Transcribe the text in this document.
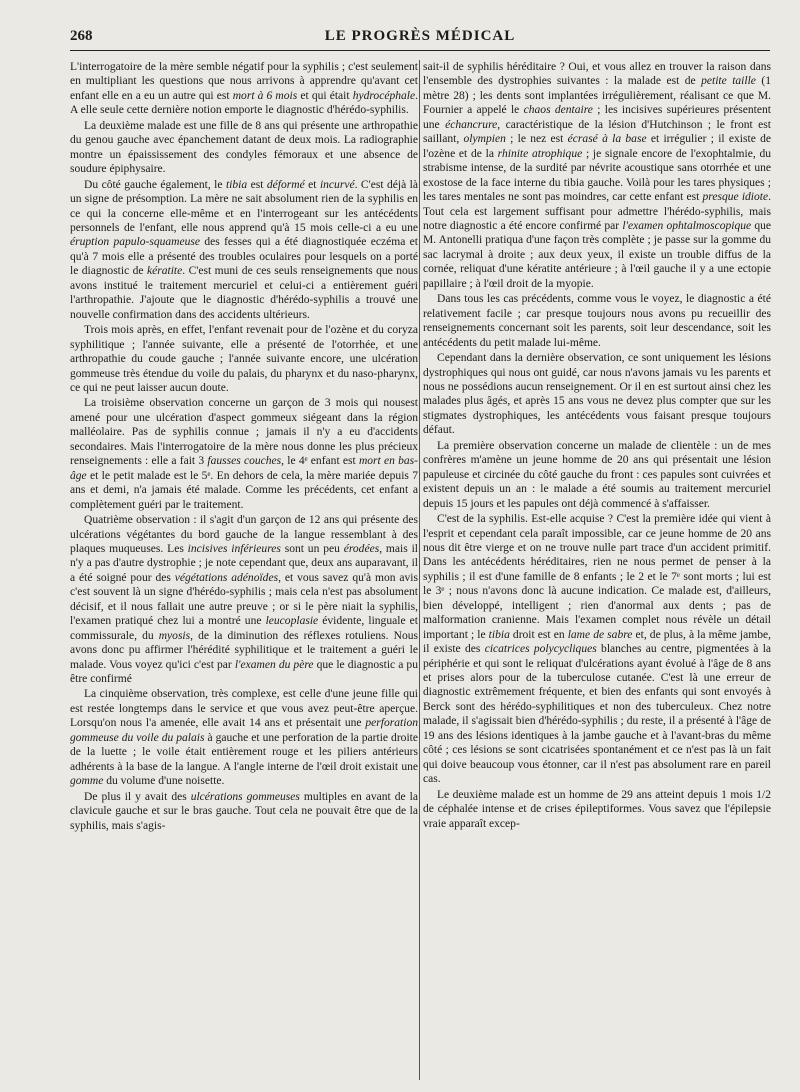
268	LE PROGRÈS MÉDICAL

L'interrogatoire de la mère semble négatif pour la syphilis ; c'est seulement en multipliant les questions que nous arrivons à apprendre qu'avant cet enfant elle en a eu un autre qui est mort à 6 mois et qui était hydrocéphale. A elle seule cette dernière notion emporte le diagnostic d'hérédo-syphilis.

La deuxième malade est une fille de 8 ans qui présente une arthropathie du genou gauche avec épanchement datant de deux mois. La radiographie montre un épaississement des condyles fémoraux et une absence de soudure épiphysaire.

Du côté gauche également, le tibia est déformé et incurvé. C'est déjà là un signe de présomption. La mère ne sait absolument rien de la syphilis en ce qui la concerne elle-même et en l'interrogeant sur les antécédents personnels de l'enfant, elle nous apprend qu'à 15 mois celle-ci a eu une éruption papulo-squameuse des fesses qui a été diagnostiquée eczéma et qu'à 7 mois elle a présenté des troubles oculaires pour lesquels on a porté le diagnostic de kératite. C'est muni de ces seuls renseignements que nous avons institué le traitement mercuriel et celui-ci a entièrement guéri l'arthropathie. J'ajoute que le diagnostic d'hérédo-syphilis a trouvé une nouvelle confirmation dans des accidents ultérieurs.

Trois mois après, en effet, l'enfant revenait pour de l'ozène et du coryza syphilitique ; l'année suivante, elle a présenté de l'otorrhée, et une arthropathie du coude gauche ; l'année suivante encore, une ulcération gommeuse très étendue du voile du palais, du pharynx et du naso-pharynx, ce qui ne peut laisser aucun doute.

La troisième observation concerne un garçon de 3 mois qui nousest amené pour une ulcération d'aspect gommeux siégeant dans la région malléolaire. Pas de syphilis connue ; jamais il n'y a eu d'accidents secondaires. Mais l'interrogatoire de la mère nous donne les plus précieux renseignements : elle a fait 3 fausses couches, le 4ᵉ enfant est mort en bas-âge et le petit malade est le 5ᵉ. En dehors de cela, la mère mariée depuis 7 ans et demi, n'a jamais été malade. Comme les précédents, cet enfant a complètement guéri par le traitement.

Quatrième observation : il s'agit d'un garçon de 12 ans qui présente des ulcérations végétantes du bord gauche de la langue ressemblant à des plaques muqueuses. Les incisives inférieures sont un peu érodées, mais il n'y a pas d'autre dystrophie ; je note cependant que, deux ans auparavant, il a été soigné pour des végétations adénoïdes, et vous savez qu'à mon avis c'est souvent là un signe d'hérédo-syphilis ; mais cela n'est pas absolument décisif, et il nous fallait une autre preuve ; or si le père niait la syphilis, l'examen pratiqué chez lui a montré une leucoplasie évidente, linguale et commissurale, du myosis, de la diminution des réflexes rotuliens. Nous avons donc pu affirmer l'hérédité syphilitique et le traitement a guéri le malade. Vous voyez qu'ici c'est par l'examen du père que le diagnostic a pu être confirmé

La cinquième observation, très complexe, est celle d'une jeune fille qui est restée longtemps dans le service et que vous avez peut-être aperçue. Lorsqu'on nous l'a amenée, elle avait 14 ans et présentait une perforation gommeuse du voile du palais à gauche et une perforation de la partie droite de la luette ; le voile était entièrement rouge et les piliers antérieurs adhérents à la base de la langue. A l'angle interne de l'œil droit existait une gomme du volume d'une noisette.

De plus il y avait des ulcérations gommeuses multiples en avant de la clavicule gauche et sur le bras gauche. Tout cela ne pouvait être que de la syphilis, mais s'agis-

sait-il de syphilis héréditaire ? Oui, et vous allez en trouver la raison dans l'ensemble des dystrophies suivantes : la malade est de petite taille (1 mètre 28) ; les dents sont implantées irrégulièrement, réalisant ce que M. Fournier a appelé le chaos dentaire ; les incisives supérieures présentent une échancrure, caractéristique de la lésion d'Hutchinson ; le front est saillant, olympien ; le nez est écrasé à la base et irrégulier ; il existe de l'ozène et de la rhinite atrophique ; je signale encore de l'exophtalmie, du strabisme intense, de la surdité par névrite acoustique sans otorrhée et une exostose de la face interne du tibia gauche. Voilà pour les tares physiques ; les tares mentales ne sont pas moindres, car cette enfant est presque idiote. Tout cela est largement suffisant pour admettre l'hérédo-syphilis, mais notre diagnostic a été encore confirmé par l'examen ophtalmoscopique que M. Antonelli pratiqua d'une façon très complète ; je passe sur la gomme du sac lacrymal à droite ; aux deux yeux, il existe un trouble diffus de la cornée, reliquat d'une kératite antérieure ; à l'œil gauche il y a une ectopie papillaire ; à l'œil droit de la myopie.

Dans tous les cas précédents, comme vous le voyez, le diagnostic a été relativement facile ; car presque toujours nous avons pu recueillir des renseignements concernant soit les parents, soit leur descendance, soit les antécédents du petit malade lui-même.

Cependant dans la dernière observation, ce sont uniquement les lésions dystrophiques qui nous ont guidé, car nous n'avons jamais vu les parents et nous ne possédions aucun renseignement. Or il en est surtout ainsi chez les malades plus âgés, et après 15 ans vous ne devez plus compter que sur les stigmates dystrophiques, les antécédents vous faisant presque toujours défaut.

La première observation concerne un malade de clientèle : un de mes confrères m'amène un jeune homme de 20 ans qui présentait une lésion papuleuse et circinée du côté gauche du front : ces papules sont cuivrées et existent depuis un an : le malade a été soumis au traitement mercuriel depuis 15 jours et les papules ont déjà commencé à s'affaisser.

C'est de la syphilis. Est-elle acquise ? C'est la première idée qui vient à l'esprit et cependant cela paraît impossible, car ce jeune homme de 20 ans nous dit être vierge et on ne trouve nulle part trace d'un accident primitif. Dans les antécédents héréditaires, rien ne nous permet de penser à la syphilis ; il est d'une famille de 8 enfants ; le 2 et le 7ᵉ sont morts ; lui est le 3ᵉ ; nous n'avons donc là aucune indication. Ce malade est, d'ailleurs, bien développé, intelligent ; rien d'anormal aux dents ; pas de malformation cranienne. Mais l'examen complet nous révèle un détail important ; le tibia droit est en lame de sabre et, de plus, à la même jambe, il existe des cicatrices polycycliques blanches au centre, pigmentées à la périphérie et qui sont le reliquat d'ulcérations ayant évolué à l'âge de 8 ans et prises alors pour de la tuberculose cutanée. C'est là une erreur de diagnostic extrêmement fréquente, et bien des enfants qui sont envoyés à Berck sont des hérédo-syphilitiques et non des tuberculeux. Chez notre malade, il s'agissait bien d'hérédo-syphilis ; du reste, il a présenté à l'âge de 19 ans des lésions identiques à la jambe gauche et à l'avant-bras du même côté ; ces lésions se sont cicatrisées spontanément et ce n'est pas là un fait qui doive beaucoup vous étonner, car il n'est pas absolument rare en pareil cas.

Le deuxième malade est un homme de 29 ans atteint depuis 1 mois 1/2 de céphalée intense et de crises épileptiformes. Vous savez que l'épilepsie vraie apparaît excep-
